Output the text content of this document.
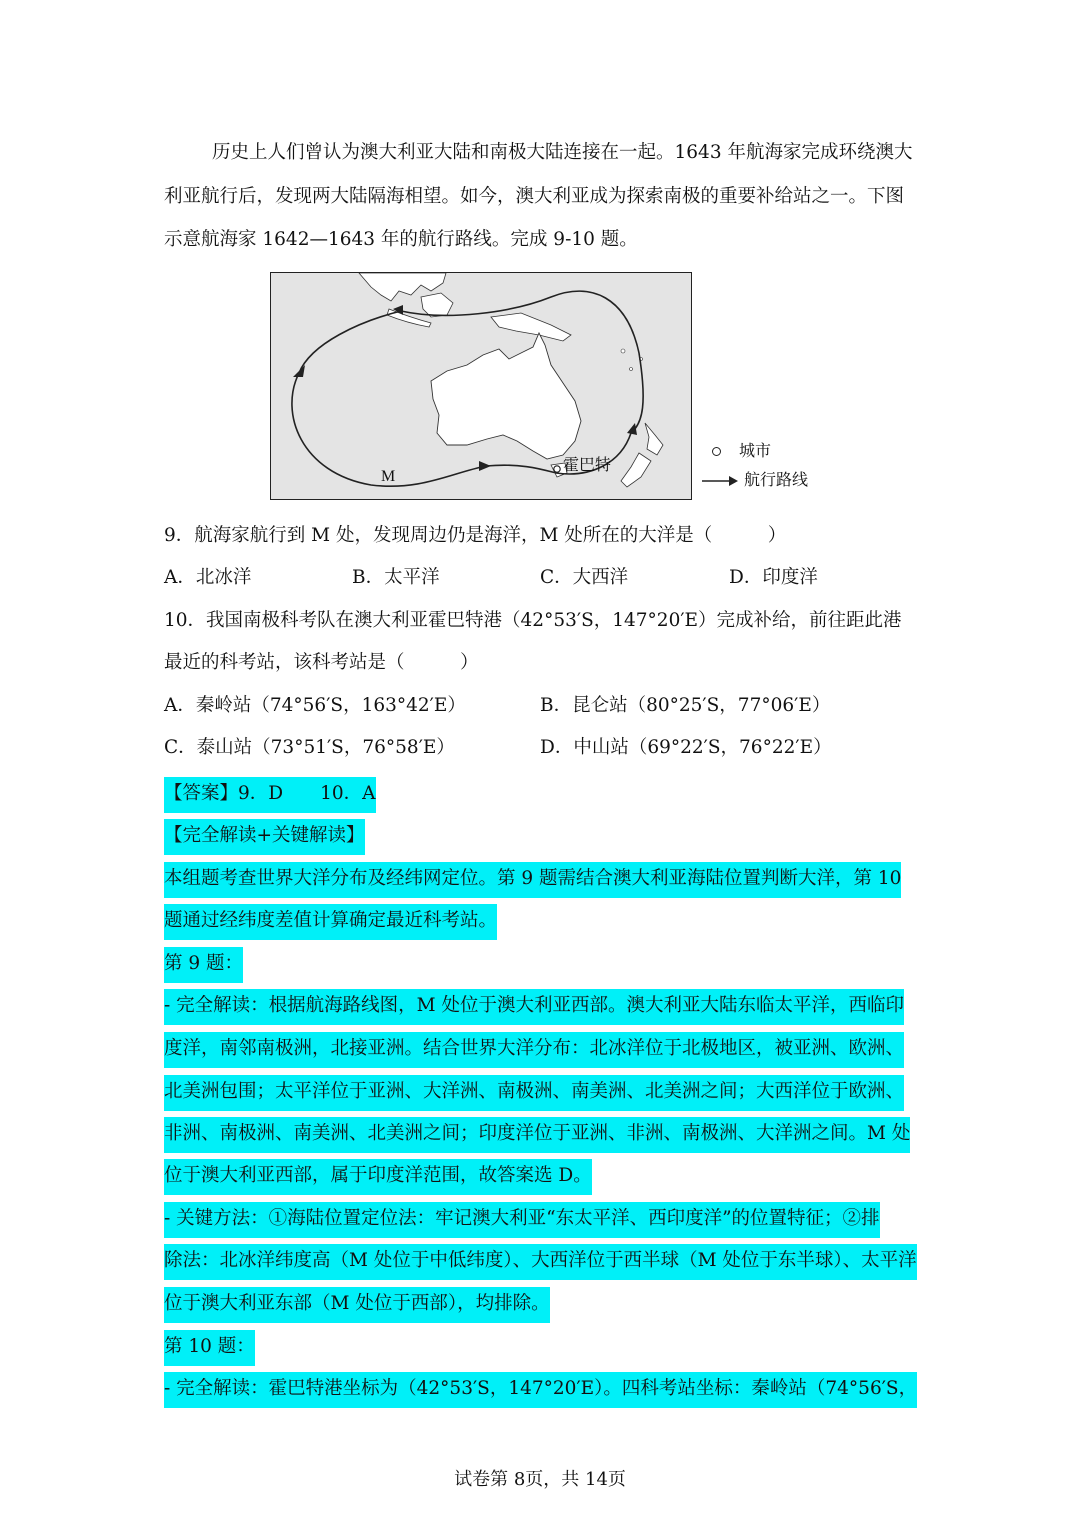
历史上人们曾认为澳大利亚大陆和南极大陆连接在一起。1643 年航海家完成环绕澳大
利亚航行后，发现两大陆隔海相望。如今，澳大利亚成为探索南极的重要补给站之一。下图
示意航海家 1642—1643 年的航行路线。完成 9-10 题。
M
霍巴特
城市
航行路线
9．航海家航行到 M 处，发现周边仍是海洋，M 处所在的大洋是（　　　）
A．北冰洋	B．太平洋	C．大西洋	D．印度洋
10．我国南极科考队在澳大利亚霍巴特港（42°53′S，147°20′E）完成补给，前往距此港
最近的科考站，该科考站是（　　　）
A．秦岭站（74°56′S，163°42′E）	B．昆仑站（80°25′S，77°06′E）
C．泰山站（73°51′S，76°58′E）	D．中山站（69°22′S，76°22′E）
【答案】9．D　　10．A
【完全解读+关键解读】
本组题考查世界大洋分布及经纬网定位。第 9 题需结合澳大利亚海陆位置判断大洋，第 10
题通过经纬度差值计算确定最近科考站。
第 9 题：
- 完全解读：根据航海路线图，M 处位于澳大利亚西部。澳大利亚大陆东临太平洋，西临印
度洋，南邻南极洲，北接亚洲。结合世界大洋分布：北冰洋位于北极地区，被亚洲、欧洲、
北美洲包围；太平洋位于亚洲、大洋洲、南极洲、南美洲、北美洲之间；大西洋位于欧洲、
非洲、南极洲、南美洲、北美洲之间；印度洋位于亚洲、非洲、南极洲、大洋洲之间。M 处
位于澳大利亚西部，属于印度洋范围，故答案选 D。
- 关键方法：①海陆位置定位法：牢记澳大利亚“东太平洋、西印度洋”的位置特征；②排
除法：北冰洋纬度高（M 处位于中低纬度）、大西洋位于西半球（M 处位于东半球）、太平洋
位于澳大利亚东部（M 处位于西部），均排除。
第 10 题：
- 完全解读：霍巴特港坐标为（42°53′S，147°20′E）。四科考站坐标：秦岭站（74°56′S，
试卷第 8页，共 14页
